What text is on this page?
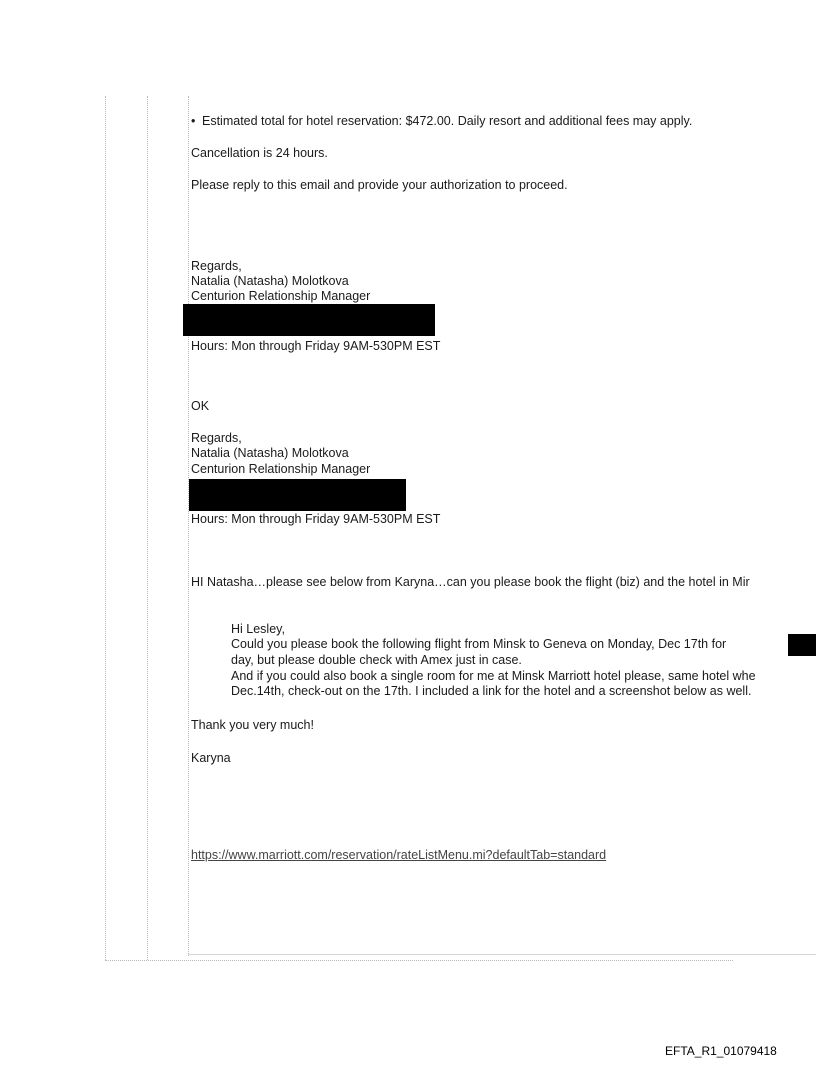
• Estimated total for hotel reservation: $472.00. Daily resort and additional fees may apply.
Cancellation is 24 hours.
Please reply to this email and provide your authorization to proceed.
Regards,
Natalia (Natasha) Molotkova
Centurion Relationship Manager
Hours: Mon through Friday 9AM-530PM EST
OK
Regards,
Natalia (Natasha) Molotkova
Centurion Relationship Manager
Hours: Mon through Friday 9AM-530PM EST
HI Natasha…please see below from Karyna…can you please book the flight (biz) and the hotel in Mir
Hi Lesley,
Could you please book the following flight from Minsk to Geneva on Monday, Dec 17th for
day, but please double check with Amex just in case.
And if you could also book a single room for me at Minsk Marriott hotel please, same hotel whe
Dec.14th, check-out on the 17th. I included a link for the hotel and a screenshot below as well.
Thank you very much!
Karyna
https://www.marriott.com/reservation/rateListMenu.mi?defaultTab=standard
EFTA_R1_01079418
